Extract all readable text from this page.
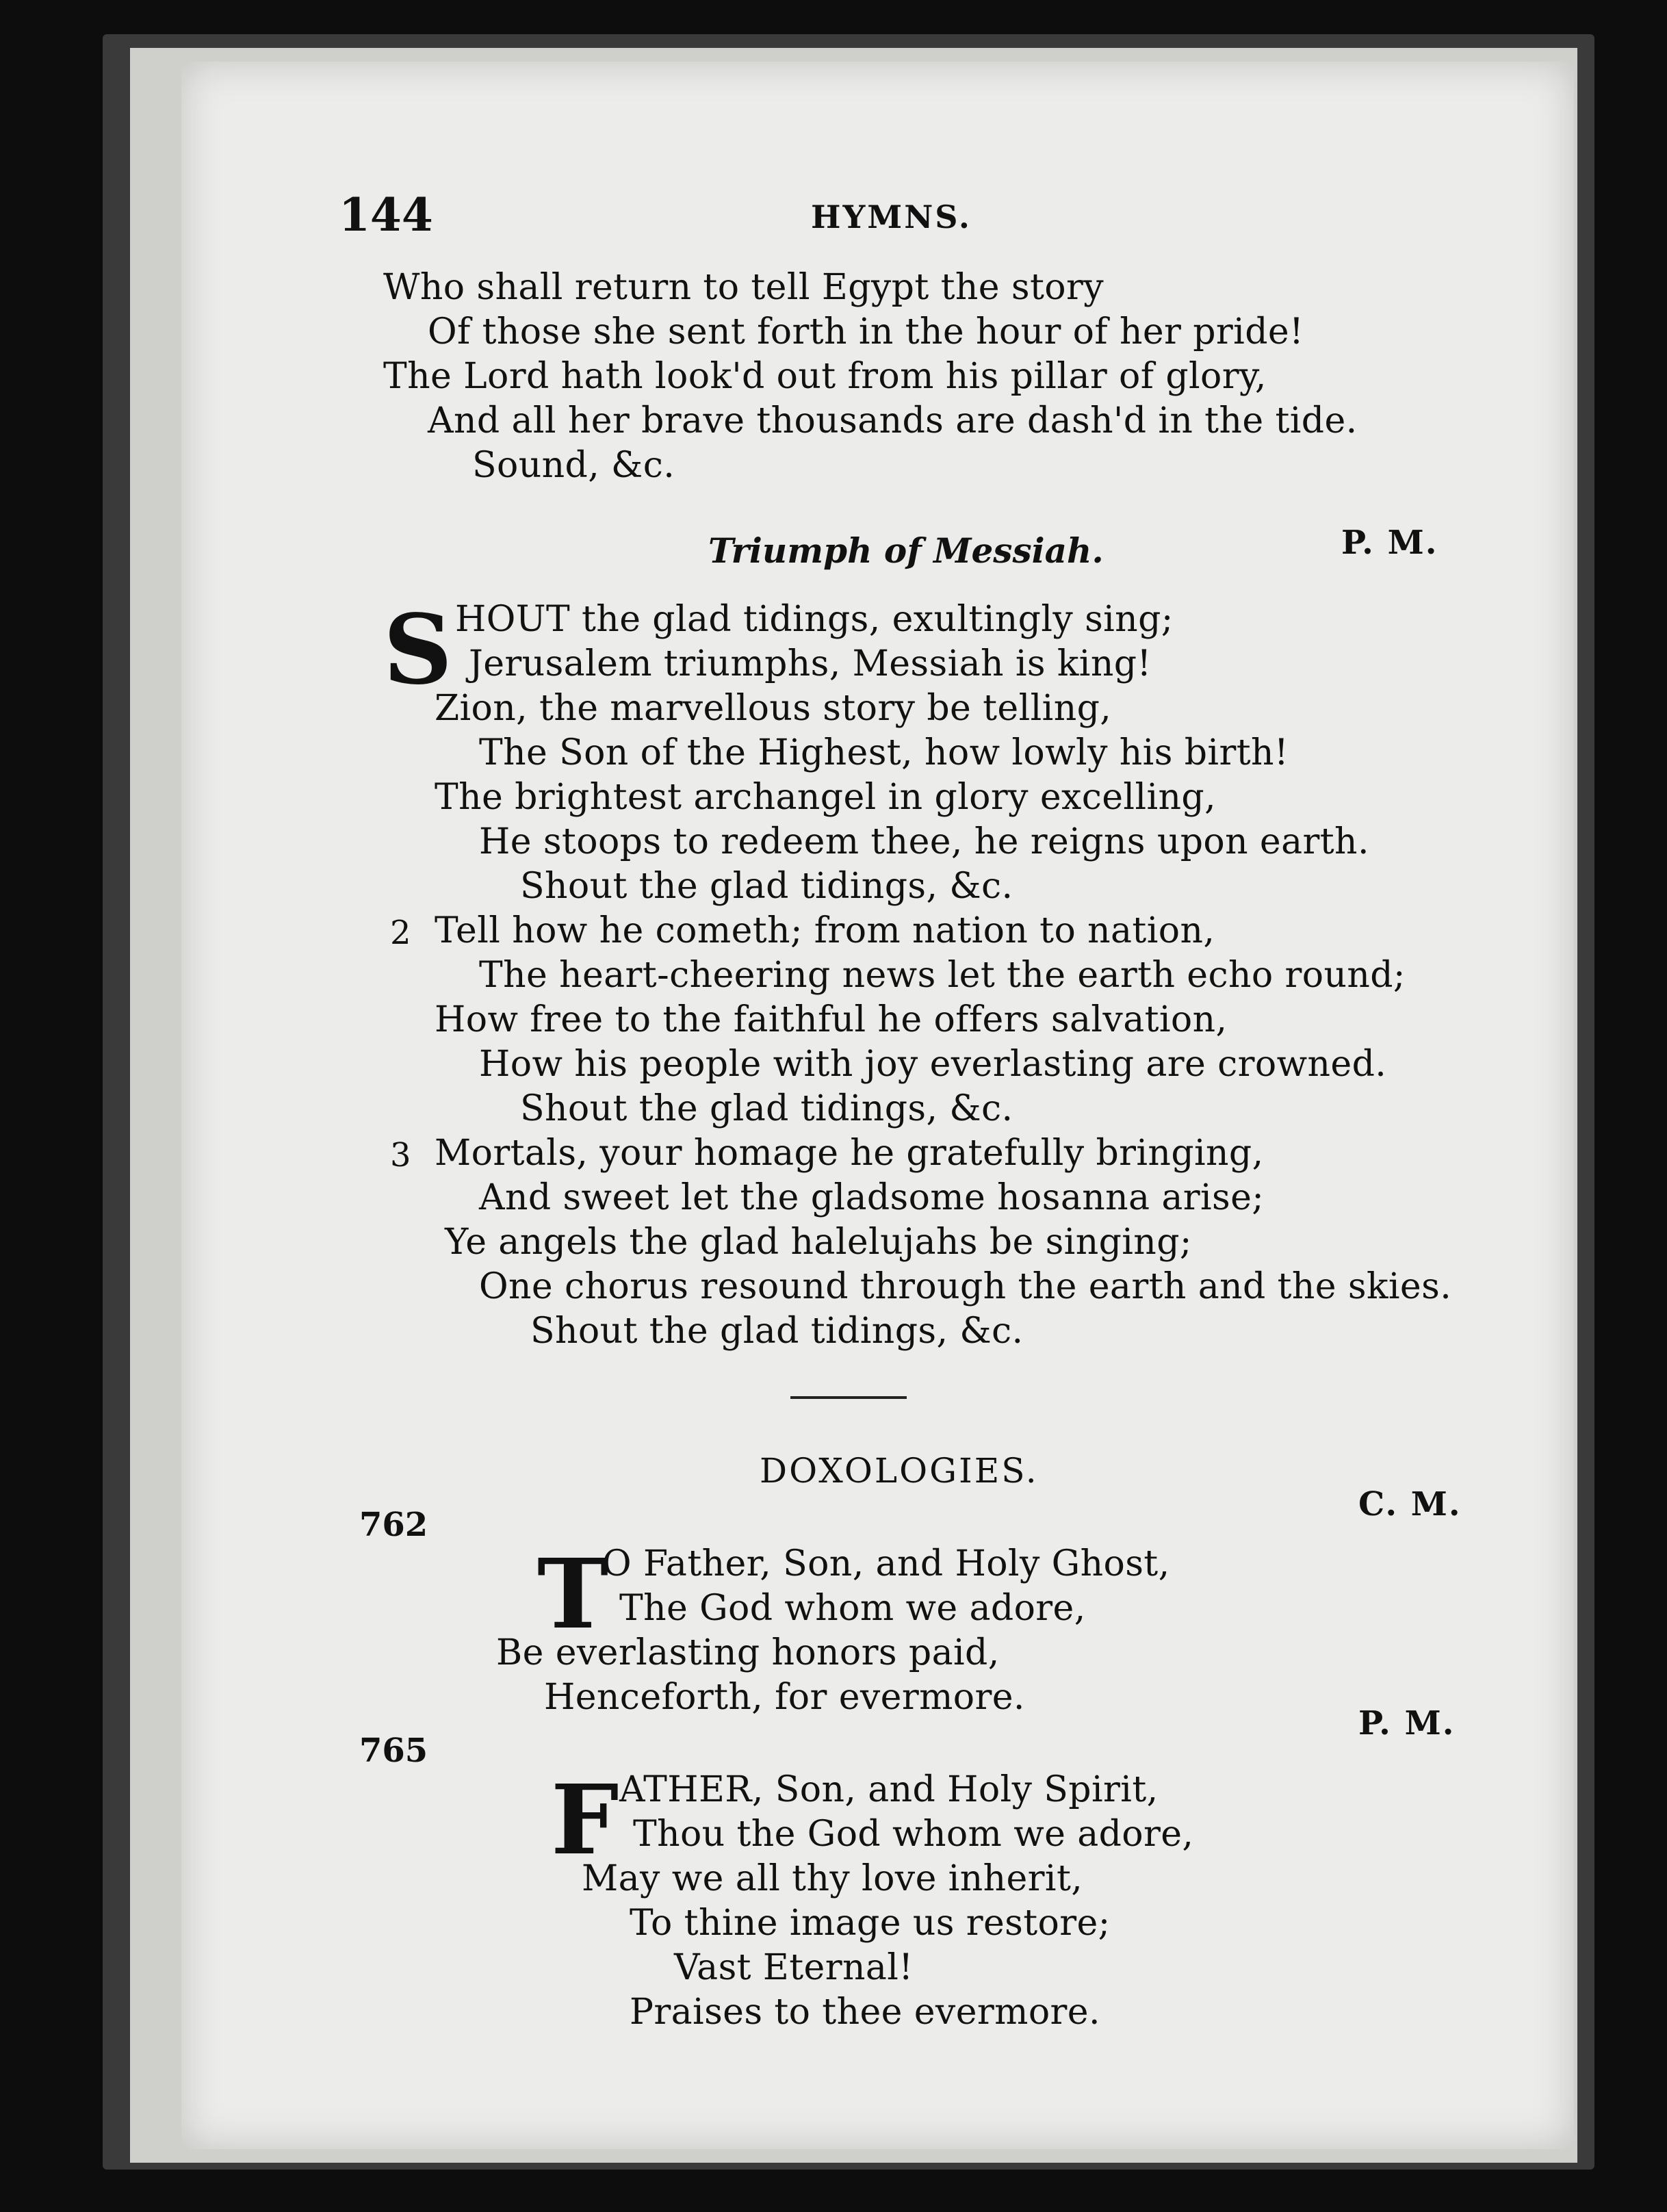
144	HYMNS.
Who shall return to tell Egypt the story
Of those she sent forth in the hour of her pride!
The Lord hath look'd out from his pillar of glory,
And all her brave thousands are dash'd in the tide.
Sound, &c.
Triumph of Messiah.	P. M.
S HOUT the glad tidings, exultingly sing;
Jerusalem triumphs, Messiah is king!
Zion, the marvellous story be telling,
The Son of the Highest, how lowly his birth!
The brightest archangel in glory excelling,
He stoops to redeem thee, he reigns upon earth.
Shout the glad tidings, &c.
2 Tell how he cometh; from nation to nation,
The heart-cheering news let the earth echo round;
How free to the faithful he offers salvation,
How his people with joy everlasting are crowned.
Shout the glad tidings, &c.
3 Mortals, your homage he gratefully bringing,
And sweet let the gladsome hosanna arise;
Ye angels the glad halelujahs be singing;
One chorus resound through the earth and the skies.
Shout the glad tidings, &c.
DOXOLOGIES.
762
C. M.
T
O Father, Son, and Holy Ghost,
The God whom we adore,
Be everlasting honors paid,
Henceforth, for evermore.
765
P. M.
F ATHER, Son, and Holy Spirit,
Thou the God whom we adore,
May we all thy love inherit,
To thine image us restore;
Vast Eternal!
Praises to thee evermore.
